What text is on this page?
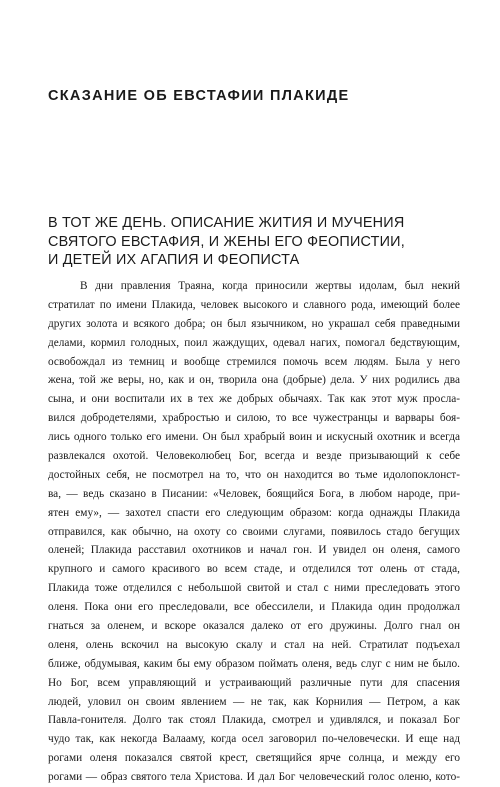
СКАЗАНИЕ ОБ ЕВСТАФИИ ПЛАКИДЕ
В ТОТ ЖЕ ДЕНЬ. ОПИСАНИЕ ЖИТИЯ И МУЧЕНИЯ
СВЯТОГО ЕВСТАФИЯ, И ЖЕНЫ ЕГО ФЕОПИСТИИ,
И ДЕТЕЙ ИХ АГАПИЯ И ФЕОПИСТА
В дни правления Траяна, когда приносили жертвы идолам, был некий
стратилат по имени Плакида, человек высокого и славного рода, имеющий более
других золота и всякого добра; он был язычником, но украшал себя праведными
делами, кормил голодных, поил жаждущих, одевал нагих, помогал бедствующим,
освобождал из темниц и вообще стремился помочь всем людям. Была у него
жена, той же веры, но, как и он, творила она (добрые) дела. У них родились два
сына, и они воспитали их в тех же добрых обычаях. Так как этот муж просла-
вился добродетелями, храбростью и силою, то все чужестранцы и варвары боя-
лись одного только его имени. Он был храбрый воин и искусный охотник и всегда
развлекался охотой. Человеколюбец Бог, всегда и везде призывающий к себе
достойных себя, не посмотрел на то, что он находится во тьме идолопоклонст-
ва, — ведь сказано в Писании: «Человек, боящийся Бога, в любом народе, при-
ятен ему», — захотел спасти его следующим образом: когда однажды Плакида
отправился, как обычно, на охоту со своими слугами, появилось стадо бегущих
оленей; Плакида расставил охотников и начал гон. И увидел он оленя, самого
крупного и самого красивого во всем стаде, и отделился тот олень от стада,
Плакида тоже отделился с небольшой свитой и стал с ними преследовать этого
оленя. Пока они его преследовали, все обессилели, и Плакида один продолжал
гнаться за оленем, и вскоре оказался далеко от его дружины. Долго гнал он
оленя, олень вскочил на высокую скалу и стал на ней. Стратилат подъехал
ближе, обдумывая, каким бы ему образом поймать оленя, ведь слуг с ним не было.
Но Бог, всем управляющий и устраивающий различные пути для спасения
людей, уловил он своим явлением — не так, как Корнилия — Петром, а как
Павла-гонителя. Долго так стоял Плакида, смотрел и удивлялся, и показал Бог
чудо так, как некогда Валааму, когда осел заговорил по-человечески. И еще над
рогами оленя показался святой крест, светящийся ярче солнца, и между его
рогами — образ святого тела Христова. И дал Бог человеческий голос оленю, кото-
